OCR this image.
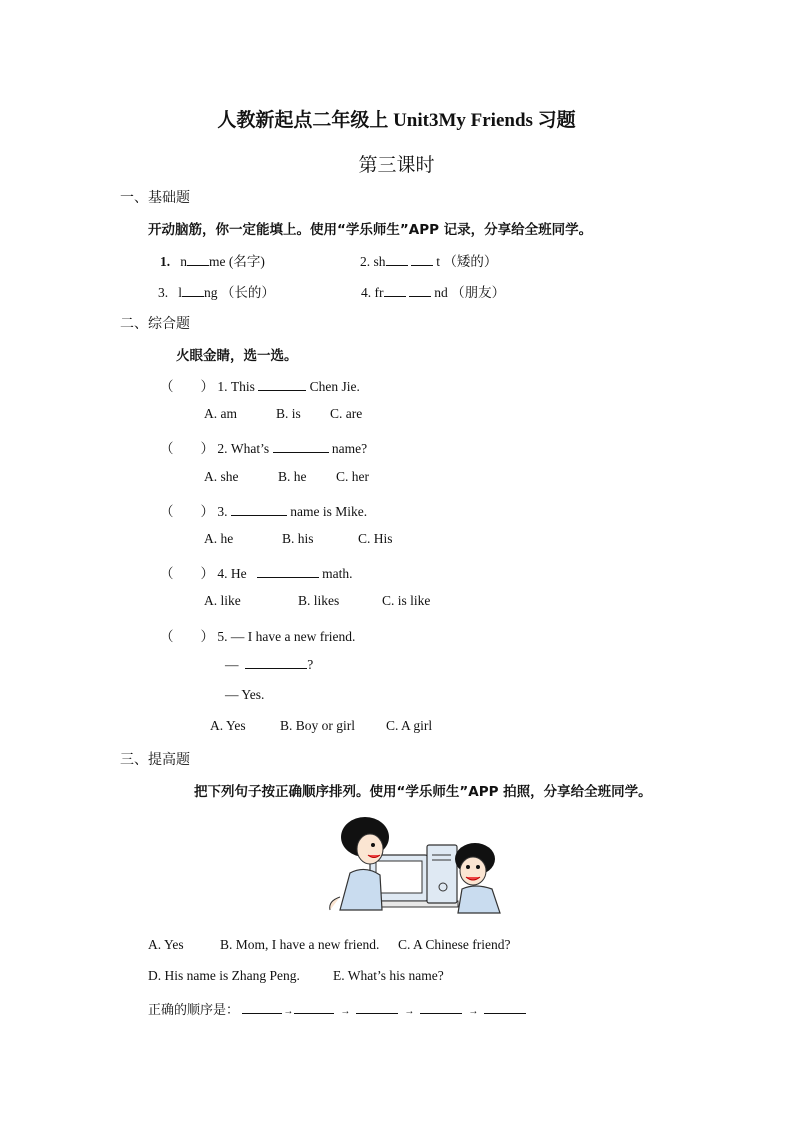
人教新起点二年级上 Unit3My Friends 习题
第三课时
一、基础题
开动脑筋，你一定能填上。使用“学乐师生”APP 记录，分享给全班同学。
1. n me (名字)	2. sh	t （矮的）
3. l ng （长的）	4. fr	nd （朋友）
二、综合题
火眼金睛，选一选。
（　　） 1. This	Chen Jie.
A. am	B. is C. are
（　　） 2. What’s	name?
A. she	B. he C. her
（　　） 3.	name is Mike.
A. he	B. his	C. His
（　　） 4. He	math.
A. like	B. likes	C. is like
（　　） 5. — I have a new friend.
—	?
— Yes.
A. Yes	B. Boy or girl C. A girl
三、提高题
把下列句子按正确顺序排列。使用“学乐师生”APP 拍照，分享给全班同学。
A. Yes	B. Mom, I have a new friend. C. A Chinese friend?
D. His name is Zhang Peng. E. What’s his name?
正确的顺序是：	→	→	→	→
